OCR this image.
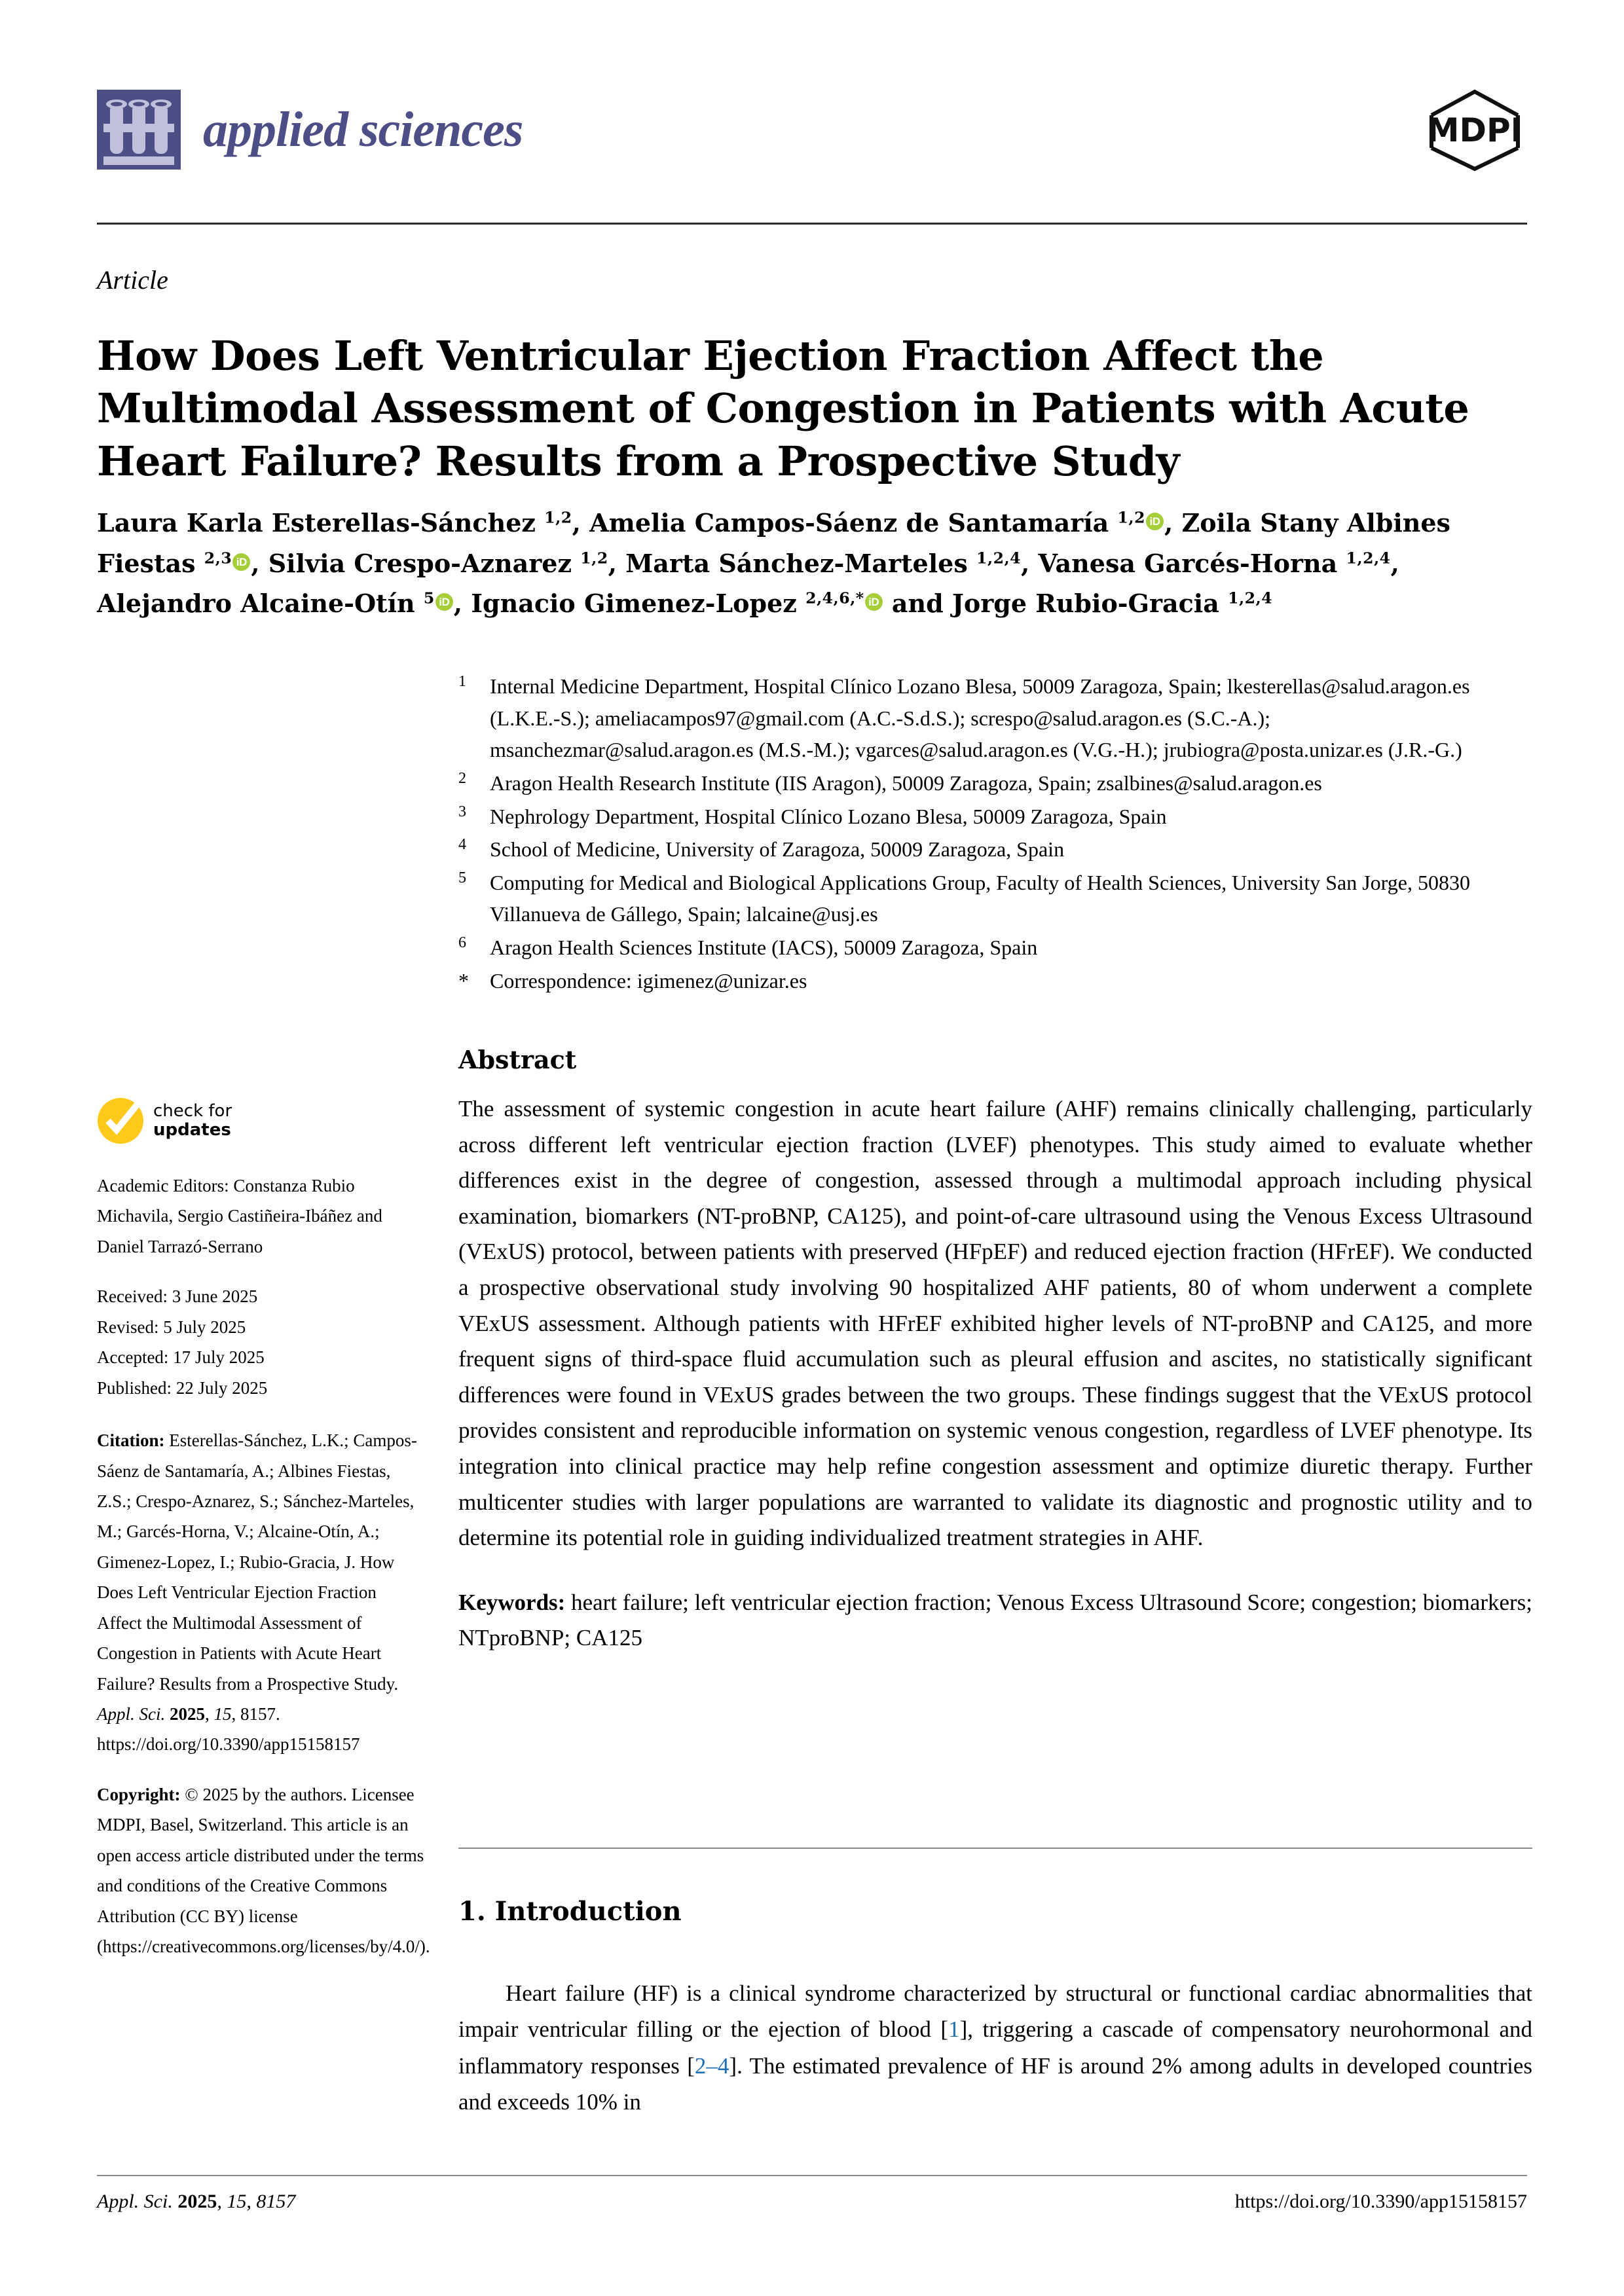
applied sciences	MDPI
Article
How Does Left Ventricular Ejection Fraction Affect the Multimodal Assessment of Congestion in Patients with Acute Heart Failure? Results from a Prospective Study
Laura Karla Esterellas-Sánchez $^{1,2}$, Amelia Campos-Sáenz de Santamaría $^{1,2}$ iD , Zoila Stany Albines Fiestas $^{2,3}$ iD , Silvia Crespo-Aznarez $^{1,2}$, Marta Sánchez-Marteles $^{1,2,4}$, Vanesa Garcés-Horna $^{1,2,4}$, Alejandro Alcaine-Otín $^5$ iD , Ignacio Gimenez-Lopez $^{2,4,6,*}$ iD and Jorge Rubio-Gracia $^{1,2,4}$
1	Internal Medicine Department, Hospital Clínico Lozano Blesa, 50009 Zaragoza, Spain; lkesterellas@salud.aragon.es (L.K.E.-S.); ameliacampos97@gmail.com (A.C.-S.d.S.); screspo@salud.aragon.es (S.C.-A.); msanchezmar@salud.aragon.es (M.S.-M.); vgarces@salud.aragon.es (V.G.-H.); jrubiogra@posta.unizar.es (J.R.-G.)
2	Aragon Health Research Institute (IIS Aragon), 50009 Zaragoza, Spain; zsalbines@salud.aragon.es
3	Nephrology Department, Hospital Clínico Lozano Blesa, 50009 Zaragoza, Spain
4	School of Medicine, University of Zaragoza, 50009 Zaragoza, Spain
5	Computing for Medical and Biological Applications Group, Faculty of Health Sciences, University San Jorge, 50830 Villanueva de Gállego, Spain; lalcaine@usj.es
6	Aragon Health Sciences Institute (IACS), 50009 Zaragoza, Spain
*	Correspondence: igimenez@unizar.es
check for
updates
Academic Editors: Constanza Rubio Michavila, Sergio Castiñeira-Ibáñez and Daniel Tarrazó-Serrano
Received: 3 June 2025
Revised: 5 July 2025
Accepted: 17 July 2025
Published: 22 July 2025
Citation: Esterellas-Sánchez, L.K.; Campos-Sáenz de Santamaría, A.; Albines Fiestas, Z.S.; Crespo-Aznarez, S.; Sánchez-Marteles, M.; Garcés-Horna, V.; Alcaine-Otín, A.; Gimenez-Lopez, I.; Rubio-Gracia, J. How Does Left Ventricular Ejection Fraction Affect the Multimodal Assessment of Congestion in Patients with Acute Heart Failure? Results from a Prospective Study. Appl. Sci. 2025, 15, 8157.  https://doi.org/10.3390/app15158157
Copyright: © 2025 by the authors. Licensee MDPI, Basel, Switzerland. This article is an open access article distributed under the terms and conditions of the Creative Commons Attribution (CC BY) license (https://creativecommons.org/licenses/by/4.0/).
Abstract

The assessment of systemic congestion in acute heart failure (AHF) remains clinically challenging, particularly across different left ventricular ejection fraction (LVEF) phenotypes. This study aimed to evaluate whether differences exist in the degree of congestion, assessed through a multimodal approach including physical examination, biomarkers (NT-proBNP, CA125), and point-of-care ultrasound using the Venous Excess Ultrasound (VExUS) protocol, between patients with preserved (HFpEF) and reduced ejection fraction (HFrEF). We conducted a prospective observational study involving 90 hospitalized AHF patients, 80 of whom underwent a complete VExUS assessment. Although patients with HFrEF exhibited higher levels of NT-proBNP and CA125, and more frequent signs of third-space fluid accumulation such as pleural effusion and ascites, no statistically significant differences were found in VExUS grades between the two groups. These findings suggest that the VExUS protocol provides consistent and reproducible information on systemic venous congestion, regardless of LVEF phenotype. Its integration into clinical practice may help refine congestion assessment and optimize diuretic therapy. Further multicenter studies with larger populations are warranted to validate its diagnostic and prognostic utility and to determine its potential role in guiding individualized treatment strategies in AHF.

Keywords: heart failure; left ventricular ejection fraction; Venous Excess Ultrasound Score; congestion; biomarkers; NTproBNP; CA125

1. Introduction

Heart failure (HF) is a clinical syndrome characterized by structural or functional cardiac abnormalities that impair ventricular filling or the ejection of blood [1], triggering a cascade of compensatory neurohormonal and inflammatory responses [2–4]. The estimated prevalence of HF is around 2% among adults in developed countries and exceeds 10% in

Appl. Sci. 2025, 15, 8157	https://doi.org/10.3390/app15158157
